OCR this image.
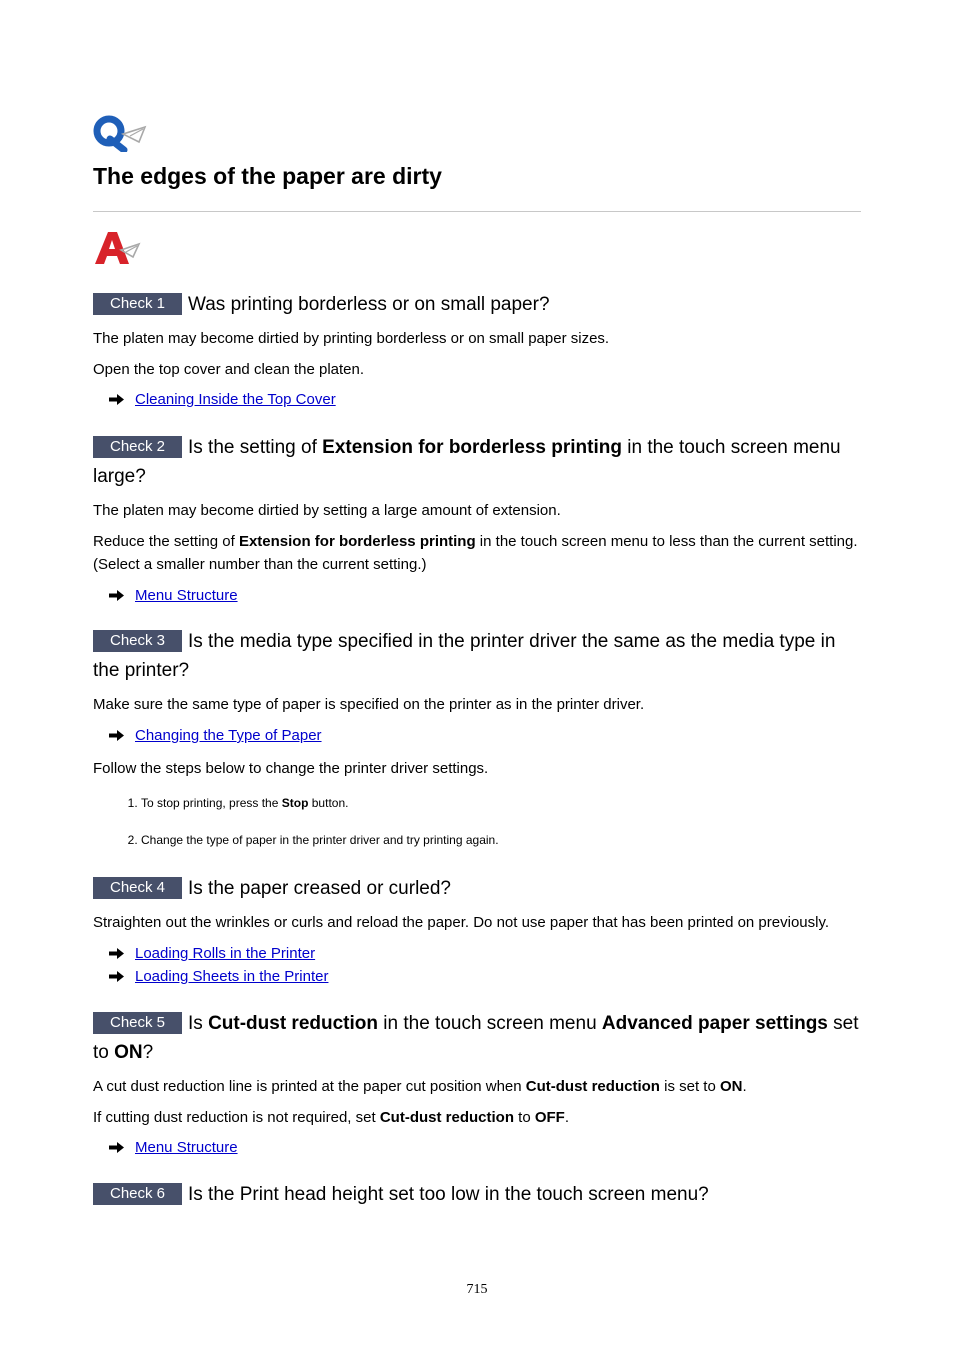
The edges of the paper are dirty

Check 1 Was printing borderless or on small paper?

The platen may become dirtied by printing borderless or on small paper sizes.

Open the top cover and clean the platen.

Cleaning Inside the Top Cover

Check 2 Is the setting of Extension for borderless printing in the touch screen menu large?

The platen may become dirtied by setting a large amount of extension.

Reduce the setting of Extension for borderless printing in the touch screen menu to less than the current setting. (Select a smaller number than the current setting.)

Menu Structure

Check 3 Is the media type specified in the printer driver the same as the media type in the printer?

Make sure the same type of paper is specified on the printer as in the printer driver.

Changing the Type of Paper

Follow the steps below to change the printer driver settings.

1. To stop printing, press the Stop button.
2. Change the type of paper in the printer driver and try printing again.

Check 4 Is the paper creased or curled?

Straighten out the wrinkles or curls and reload the paper. Do not use paper that has been printed on previously.

Loading Rolls in the Printer

Loading Sheets in the Printer

Check 5 Is Cut-dust reduction in the touch screen menu Advanced paper settings set to ON?

A cut dust reduction line is printed at the paper cut position when Cut-dust reduction is set to ON.

If cutting dust reduction is not required, set Cut-dust reduction to OFF.

Menu Structure

Check 6 Is the Print head height set too low in the touch screen menu?

715
